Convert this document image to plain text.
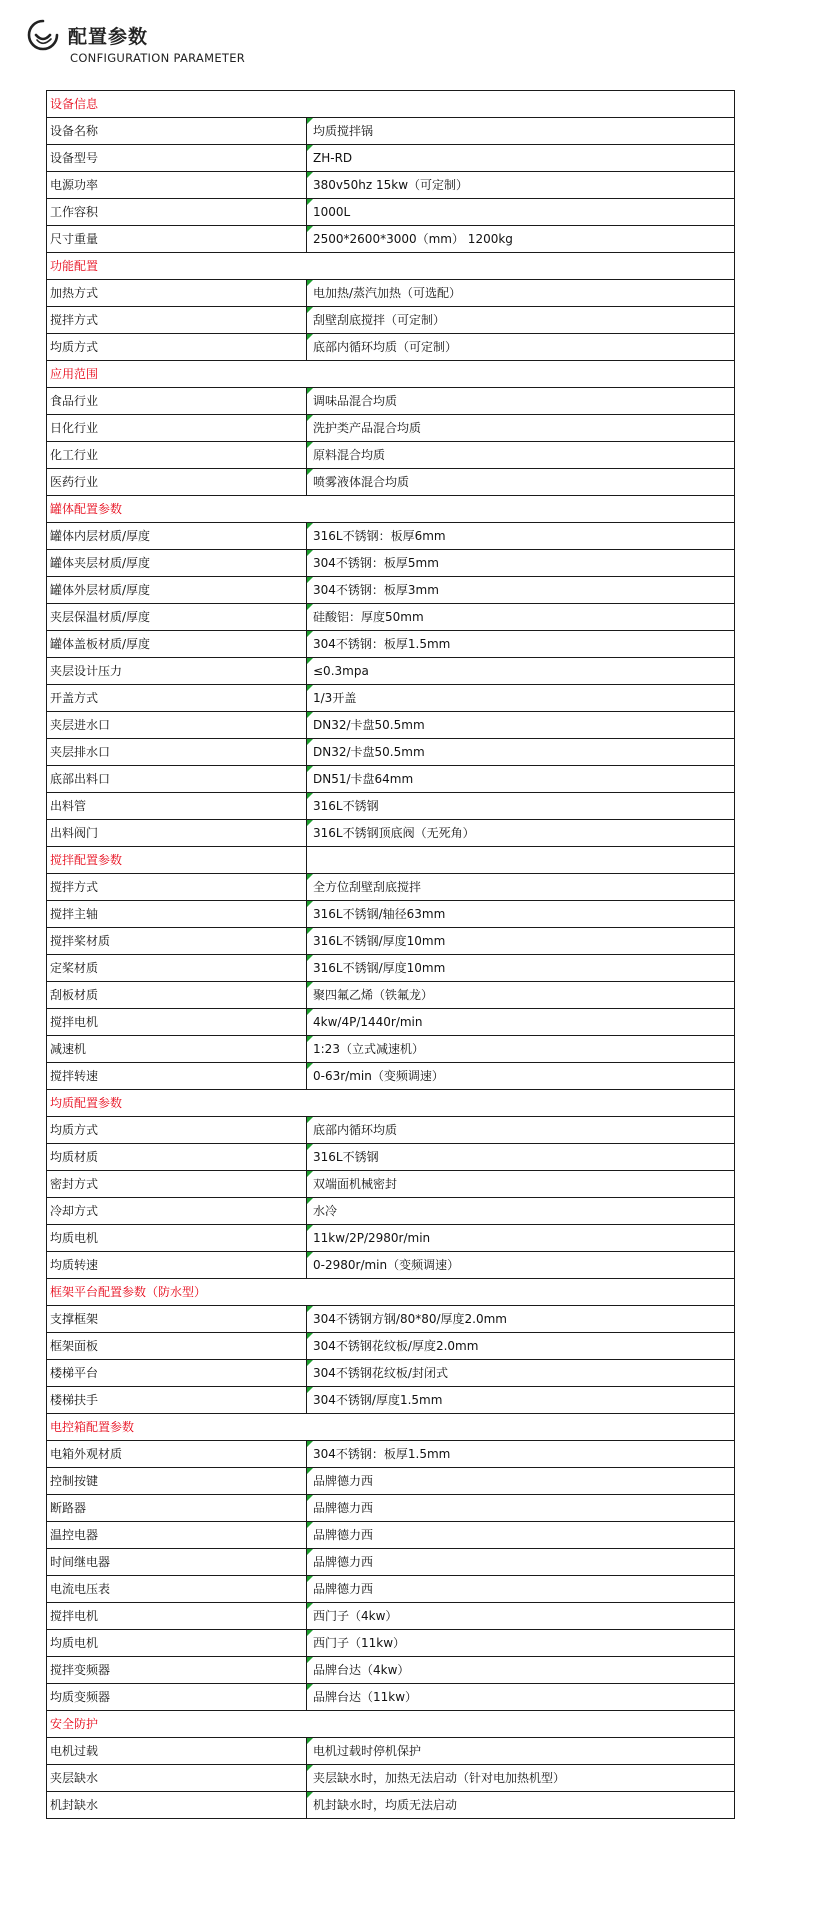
配置参数
CONFIGURATION PARAMETER
设备信息	
设备名称	均质搅拌锅
设备型号	ZH-RD
电源功率	380v50hz 15kw（可定制）
工作容积	1000L
尺寸重量	2500*2600*3000（mm） 1200kg
功能配置	
加热方式	电加热/蒸汽加热（可选配）
搅拌方式	刮壁刮底搅拌（可定制）
均质方式	底部内循环均质（可定制）
应用范围	
食品行业	调味品混合均质
日化行业	洗护类产品混合均质
化工行业	原料混合均质
医药行业	喷雾液体混合均质
罐体配置参数	
罐体内层材质/厚度	316L不锈钢：板厚6mm
罐体夹层材质/厚度	304不锈钢：板厚5mm
罐体外层材质/厚度	304不锈钢：板厚3mm
夹层保温材质/厚度	硅酸铝：厚度50mm
罐体盖板材质/厚度	304不锈钢：板厚1.5mm
夹层设计压力	≤0.3mpa
开盖方式	1/3开盖
夹层进水口	DN32/卡盘50.5mm
夹层排水口	DN32/卡盘50.5mm
底部出料口	DN51/卡盘64mm
出料管	316L不锈钢
出料阀门	316L不锈钢顶底阀（无死角）
搅拌配置参数	
搅拌方式	全方位刮壁刮底搅拌
搅拌主轴	316L不锈钢/轴径63mm
搅拌桨材质	316L不锈钢/厚度10mm
定桨材质	316L不锈钢/厚度10mm
刮板材质	聚四氟乙烯（铁氟龙）
搅拌电机	4kw/4P/1440r/min
减速机	1:23（立式减速机）
搅拌转速	0-63r/min（变频调速）
均质配置参数	
均质方式	底部内循环均质
均质材质	316L不锈钢
密封方式	双端面机械密封
冷却方式	水冷
均质电机	11kw/2P/2980r/min
均质转速	0-2980r/min（变频调速）
框架平台配置参数（防水型）	
支撑框架	304不锈钢方钢/80*80/厚度2.0mm
框架面板	304不锈钢花纹板/厚度2.0mm
楼梯平台	304不锈钢花纹板/封闭式
楼梯扶手	304不锈钢/厚度1.5mm
电控箱配置参数	
电箱外观材质	304不锈钢：板厚1.5mm
控制按键	品牌德力西
断路器	品牌德力西
温控电器	品牌德力西
时间继电器	品牌德力西
电流电压表	品牌德力西
搅拌电机	西门子（4kw）
均质电机	西门子（11kw）
搅拌变频器	品牌台达（4kw）
均质变频器	品牌台达（11kw）
安全防护	
电机过载	电机过载时停机保护
夹层缺水	夹层缺水时，加热无法启动（针对电加热机型）
机封缺水	机封缺水时，均质无法启动
